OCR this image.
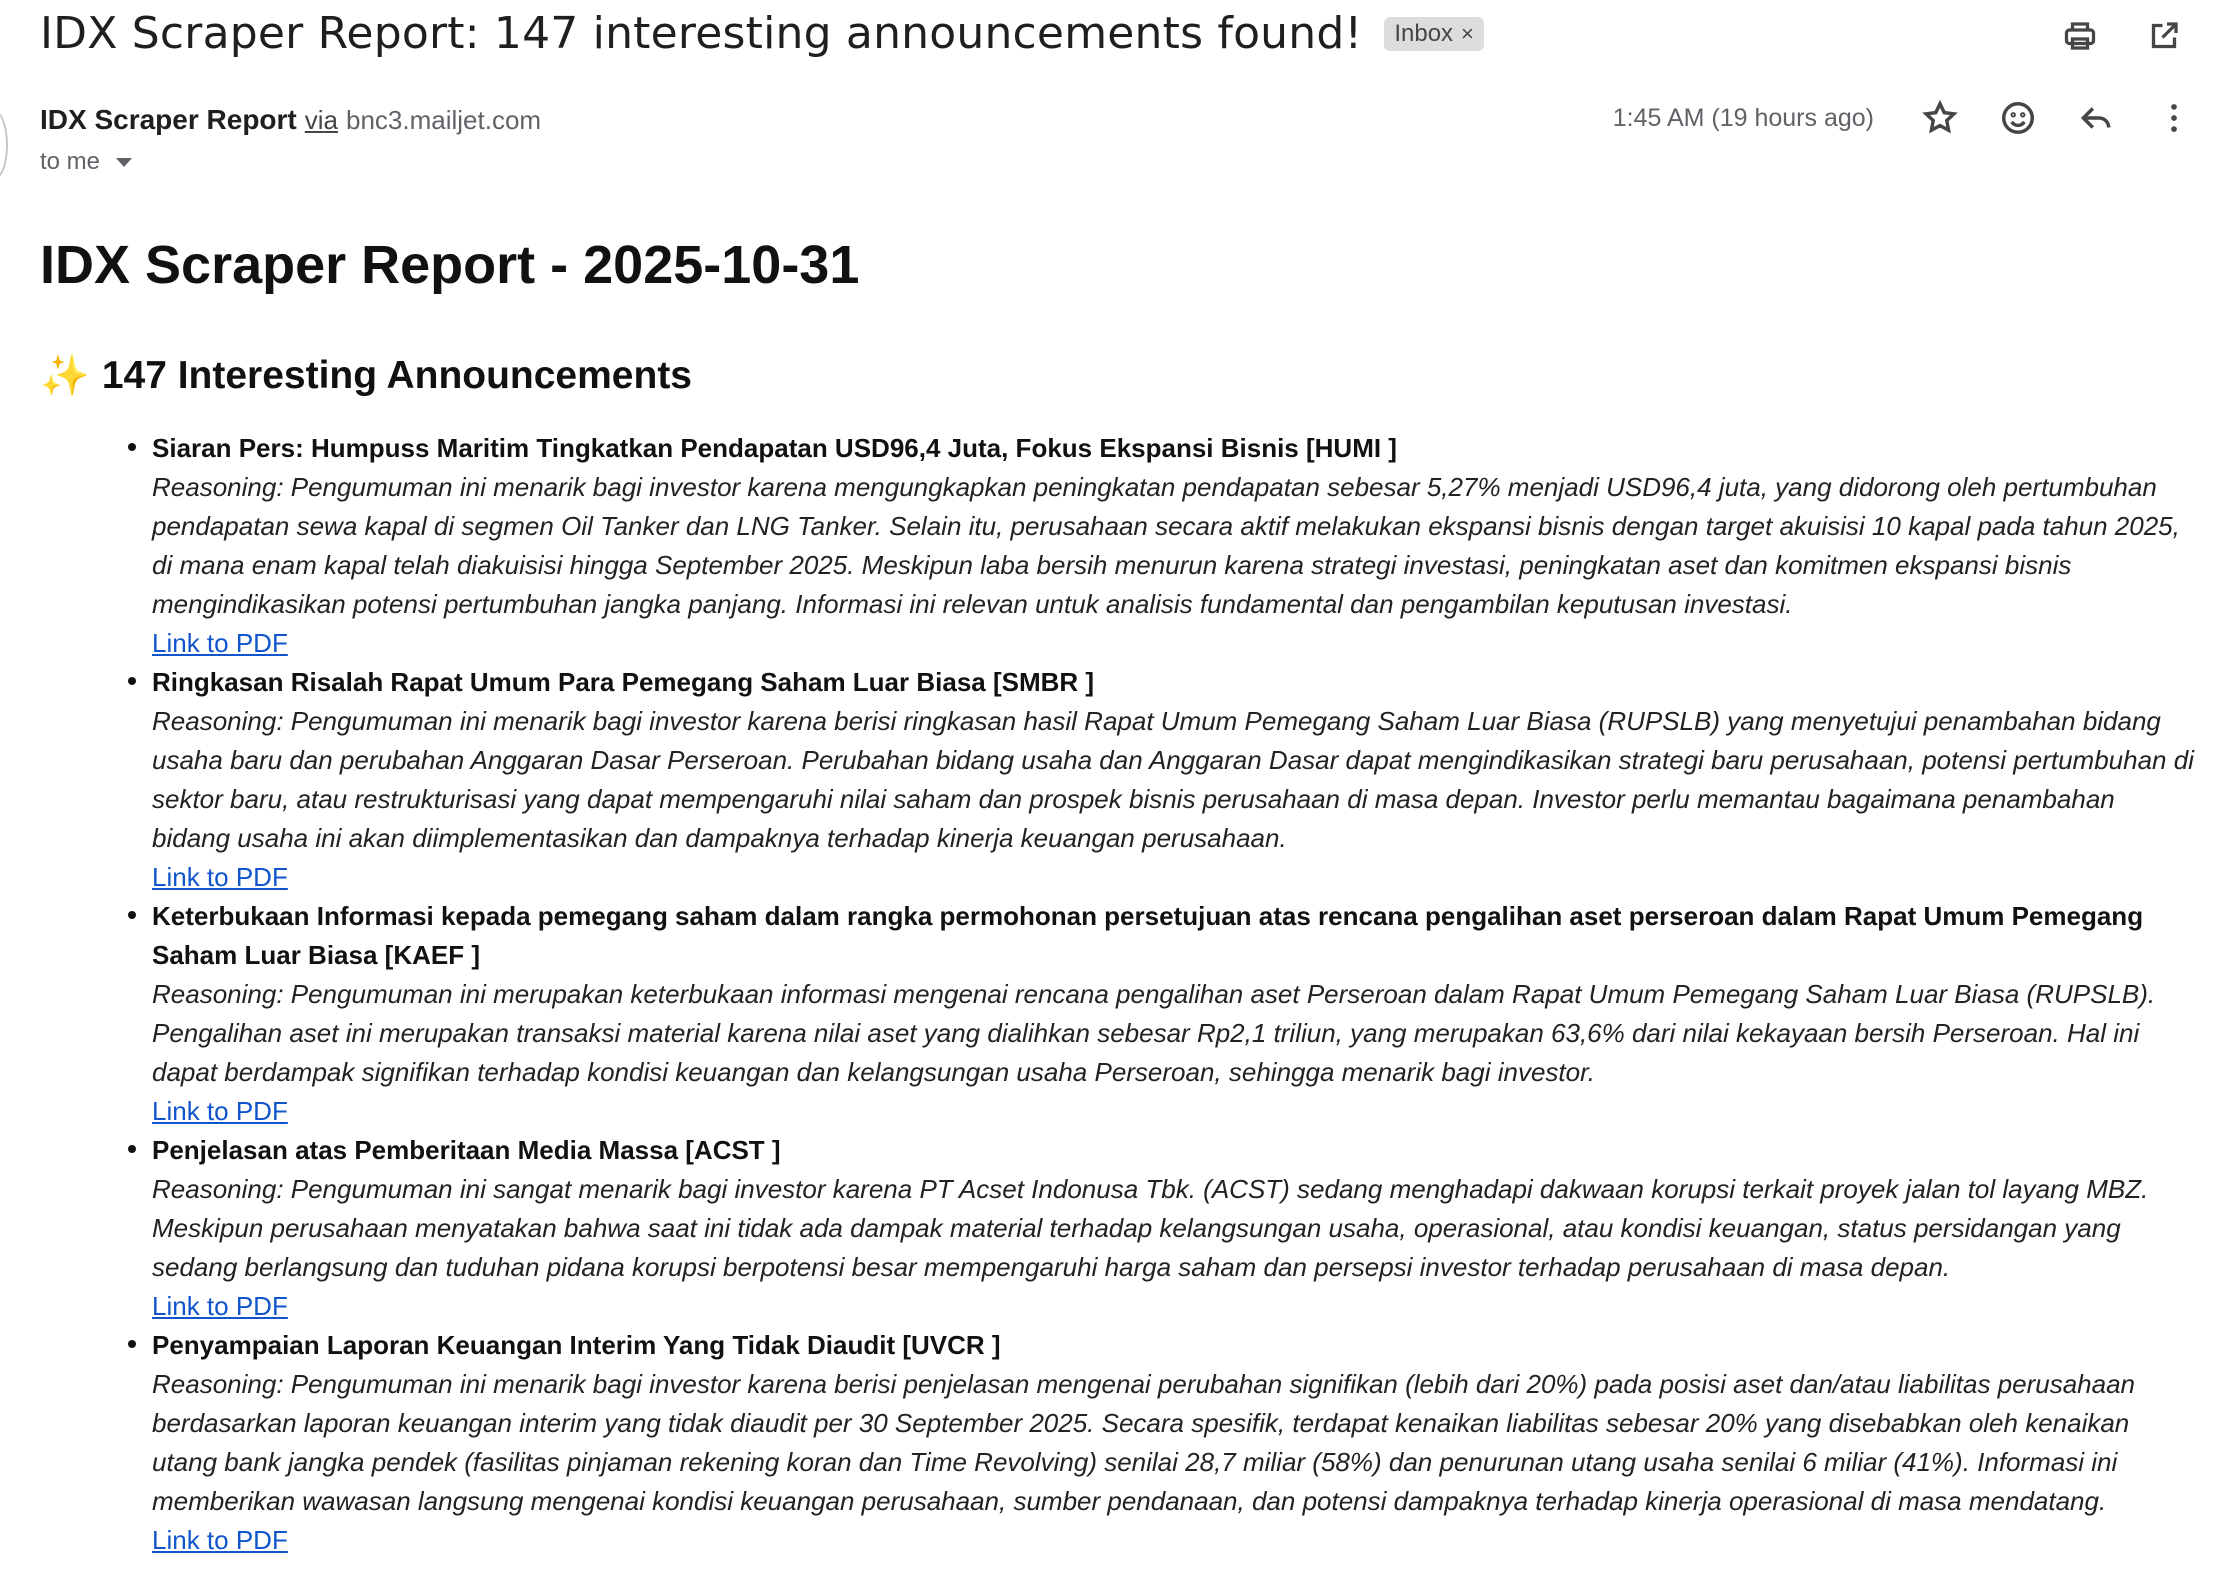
IDX Scraper Report: 147 interesting announcements found! Inbox ×
IDX Scraper Report via bnc3.mailjet.com
to me
1:45 AM (19 hours ago)
IDX Scraper Report - 2025-10-31
✨ 147 Interesting Announcements
Siaran Pers: Humpuss Maritim Tingkatkan Pendapatan USD96,4 Juta, Fokus Ekspansi Bisnis [HUMI ]
Reasoning: Pengumuman ini menarik bagi investor karena mengungkapkan peningkatan pendapatan sebesar 5,27% menjadi USD96,4 juta, yang didorong oleh pertumbuhan pendapatan sewa kapal di segmen Oil Tanker dan LNG Tanker. Selain itu, perusahaan secara aktif melakukan ekspansi bisnis dengan target akuisisi 10 kapal pada tahun 2025, di mana enam kapal telah diakuisisi hingga September 2025. Meskipun laba bersih menurun karena strategi investasi, peningkatan aset dan komitmen ekspansi bisnis mengindikasikan potensi pertumbuhan jangka panjang. Informasi ini relevan untuk analisis fundamental dan pengambilan keputusan investasi.
Link to PDF
Ringkasan Risalah Rapat Umum Para Pemegang Saham Luar Biasa [SMBR ]
Reasoning: Pengumuman ini menarik bagi investor karena berisi ringkasan hasil Rapat Umum Pemegang Saham Luar Biasa (RUPSLB) yang menyetujui penambahan bidang usaha baru dan perubahan Anggaran Dasar Perseroan. Perubahan bidang usaha dan Anggaran Dasar dapat mengindikasikan strategi baru perusahaan, potensi pertumbuhan di sektor baru, atau restrukturisasi yang dapat mempengaruhi nilai saham dan prospek bisnis perusahaan di masa depan. Investor perlu memantau bagaimana penambahan bidang usaha ini akan diimplementasikan dan dampaknya terhadap kinerja keuangan perusahaan.
Link to PDF
Keterbukaan Informasi kepada pemegang saham dalam rangka permohonan persetujuan atas rencana pengalihan aset perseroan dalam Rapat Umum Pemegang Saham Luar Biasa [KAEF ]
Reasoning: Pengumuman ini merupakan keterbukaan informasi mengenai rencana pengalihan aset Perseroan dalam Rapat Umum Pemegang Saham Luar Biasa (RUPSLB). Pengalihan aset ini merupakan transaksi material karena nilai aset yang dialihkan sebesar Rp2,1 triliun, yang merupakan 63,6% dari nilai kekayaan bersih Perseroan. Hal ini dapat berdampak signifikan terhadap kondisi keuangan dan kelangsungan usaha Perseroan, sehingga menarik bagi investor.
Link to PDF
Penjelasan atas Pemberitaan Media Massa [ACST ]
Reasoning: Pengumuman ini sangat menarik bagi investor karena PT Acset Indonusa Tbk. (ACST) sedang menghadapi dakwaan korupsi terkait proyek jalan tol layang MBZ. Meskipun perusahaan menyatakan bahwa saat ini tidak ada dampak material terhadap kelangsungan usaha, operasional, atau kondisi keuangan, status persidangan yang sedang berlangsung dan tuduhan pidana korupsi berpotensi besar mempengaruhi harga saham dan persepsi investor terhadap perusahaan di masa depan.
Link to PDF
Penyampaian Laporan Keuangan Interim Yang Tidak Diaudit [UVCR ]
Reasoning: Pengumuman ini menarik bagi investor karena berisi penjelasan mengenai perubahan signifikan (lebih dari 20%) pada posisi aset dan/atau liabilitas perusahaan berdasarkan laporan keuangan interim yang tidak diaudit per 30 September 2025. Secara spesifik, terdapat kenaikan liabilitas sebesar 20% yang disebabkan oleh kenaikan utang bank jangka pendek (fasilitas pinjaman rekening koran dan Time Revolving) senilai 28,7 miliar (58%) dan penurunan utang usaha senilai 6 miliar (41%). Informasi ini memberikan wawasan langsung mengenai kondisi keuangan perusahaan, sumber pendanaan, dan potensi dampaknya terhadap kinerja operasional di masa mendatang.
Link to PDF
